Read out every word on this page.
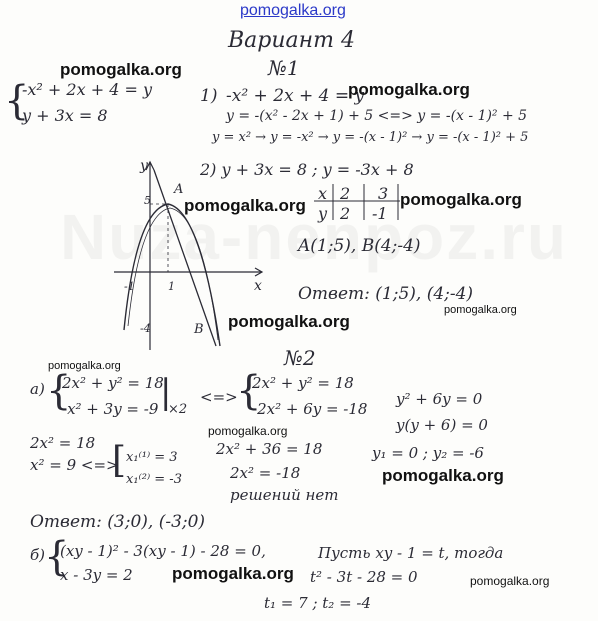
pomogalka.org
Вариант 4
№1
{
-x² + 2x + 4 = y
y + 3x = 8
1) -x² + 2x + 4 = y
y = -(x² - 2x + 1) + 5 <=> y = -(x - 1)² + 5
y = x² → y = -x² → y = -(x - 1)² → y = -(x - 1)² + 5
2) y + 3x = 8 ; y = -3x + 8
x
y
2 3
2 -1
A(1;5), B(4;-4)
Ответ: (1;5), (4;-4)
y
x
A
B
5
1
-1
-4
№2
а) {
2x² + y² = 18
-x² + 3y = -9 |
×2
<=>
{
2x² + y² = 18
-2x² + 6y = -18
y² + 6y = 0
y(y + 6) = 0
y₁ = 0 ; y₂ = -6
2x² = 18
x² = 9 <=>
[ x₁⁽¹⁾ = 3
x₁⁽²⁾ = -3
2x² + 36 = 18
2x² = -18
решений нет
Ответ: (3;0), (-3;0)
б)
{
(xy - 1)² - 3(xy - 1) - 28 = 0,
x - 3y = 2
Пусть xy - 1 = t, тогда
t² - 3t - 28 = 0
t₁ = 7 ; t₂ = -4
pomogalka.org
pomogalka.org
pomogalka.org	pomogalka.org
pomogalka.org
pomogalka.org
pomogalka.org
pomogalka.org
pomogalka.org
pomogalka.org	pomogalka.org
